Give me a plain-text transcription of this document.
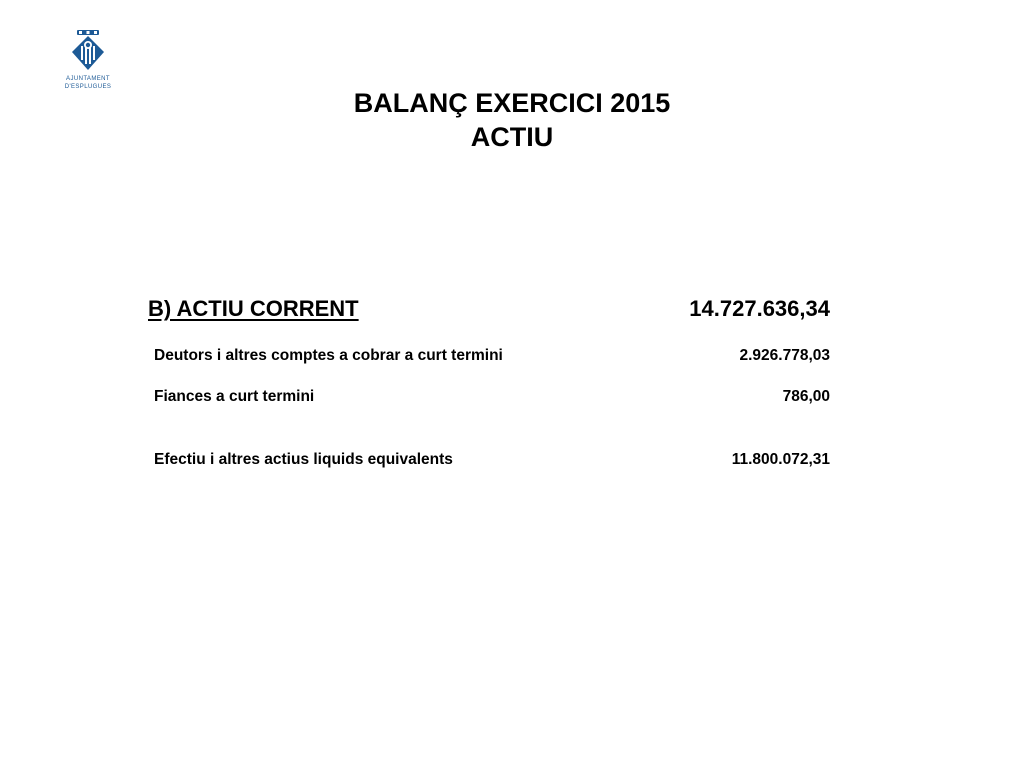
AJUNTAMENT
D'ESPLUGUES
BALANÇ EXERCICI 2015
ACTIU
B) ACTIU CORRENT	14.727.636,34
Deutors i altres comptes a cobrar a curt termini	2.926.778,03
Fiances a curt termini	786,00
Efectiu i altres actius liquids equivalents	11.800.072,31
